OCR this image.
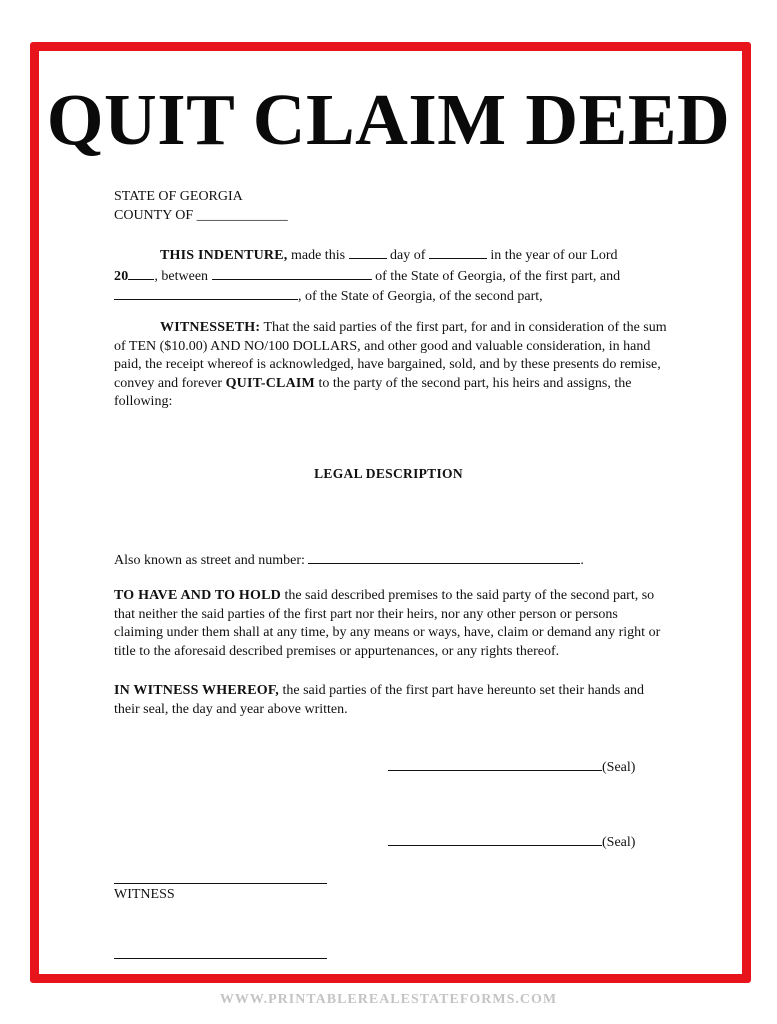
QUIT CLAIM DEED
STATE OF GEORGIA
COUNTY OF _____________
THIS INDENTURE, made this	day of	in the year of our Lord
20 , between	of the State of Georgia, of the first part, and
, of the State of Georgia, of the second part,
WITNESSETH: That the said parties of the first part, for and in consideration of the sum of TEN ($10.00) AND NO/100 DOLLARS, and other good and valuable consideration, in hand paid, the receipt whereof is acknowledged, have bargained, sold, and by these presents do remise, convey and forever QUIT-CLAIM to the party of the second part, his heirs and assigns, the following:
LEGAL DESCRIPTION
Also known as street and number:	.
TO HAVE AND TO HOLD the said described premises to the said party of the second part, so that neither the said parties of the first part nor their heirs, nor any other person or persons claiming under them shall at any time, by any means or ways, have, claim or demand any right or title to the aforesaid described premises or appurtenances, or any rights thereof.
IN WITNESS WHEREOF, the said parties of the first part have hereunto set their hands and their seal, the day and year above written.
(Seal)
(Seal)
WITNESS
WWW.PRINTABLEREALESTATEFORMS.COM
